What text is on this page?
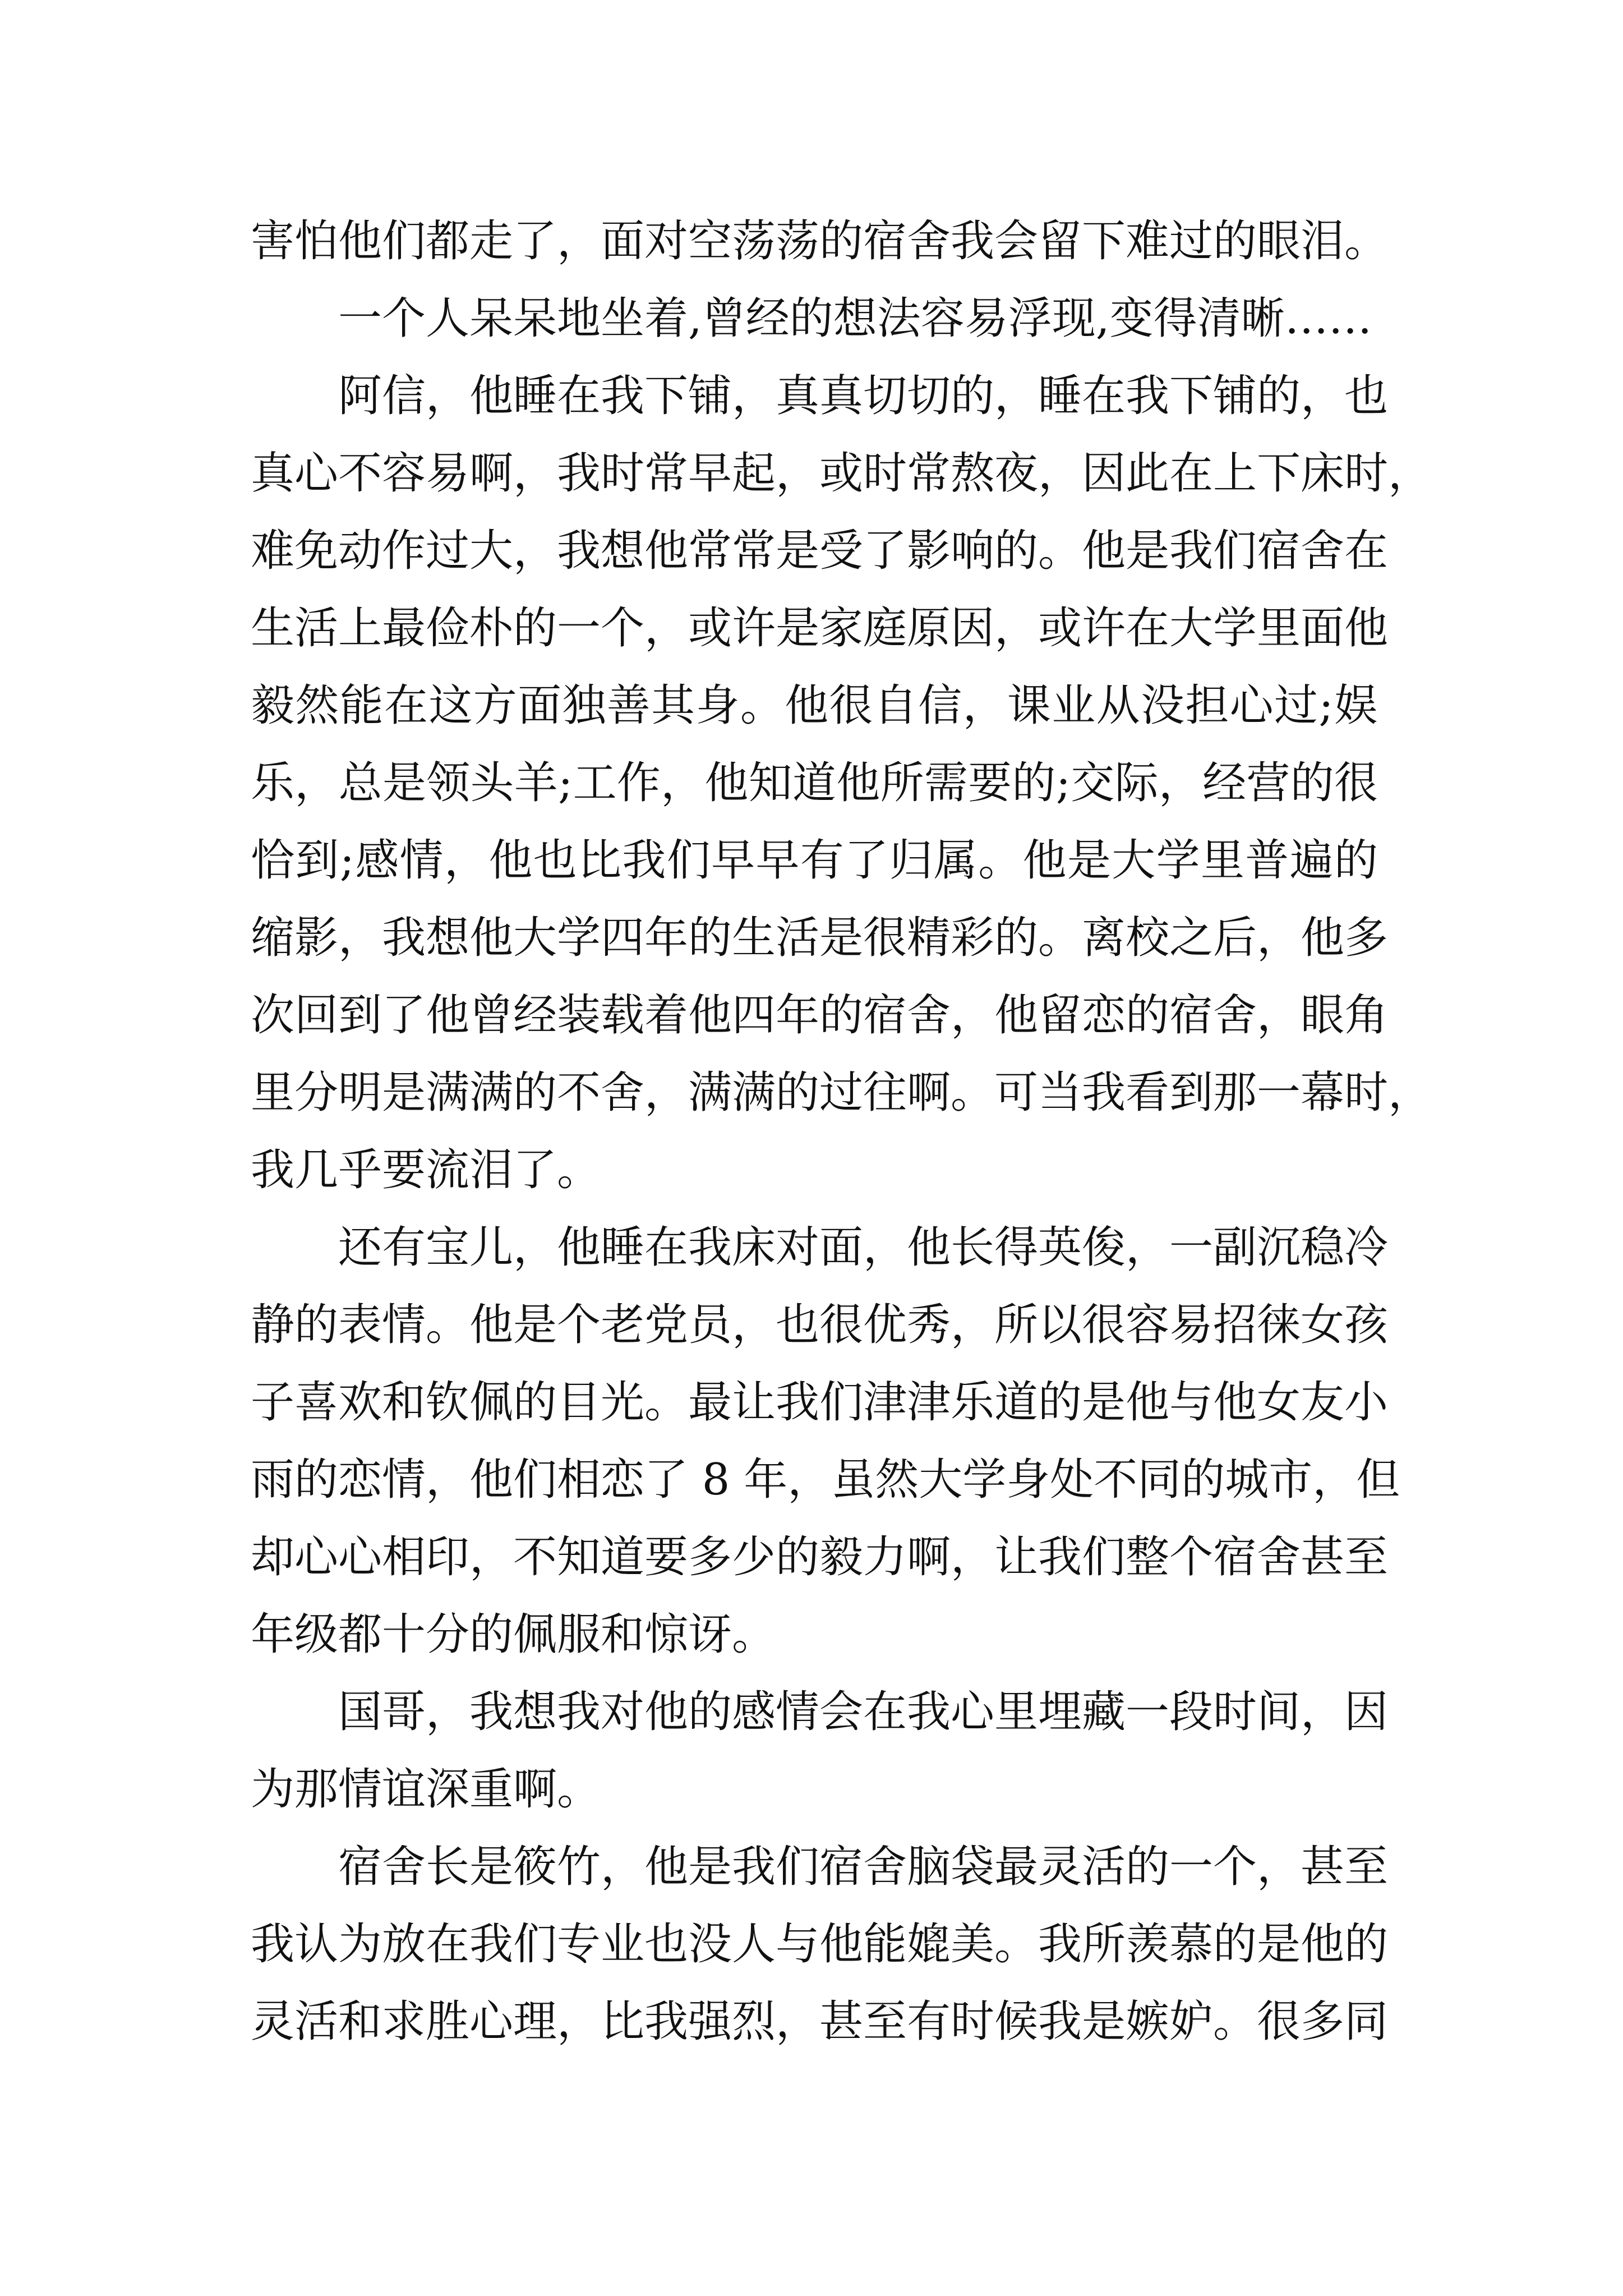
害怕他们都走了，面对空荡荡的宿舍我会留下难过的眼泪。

一个人呆呆地坐着,曾经的想法容易浮现,变得清晰……

阿信，他睡在我下铺，真真切切的，睡在我下铺的，也

真心不容易啊，我时常早起，或时常熬夜，因此在上下床时，

难免动作过大，我想他常常是受了影响的。他是我们宿舍在

生活上最俭朴的一个，或许是家庭原因，或许在大学里面他

毅然能在这方面独善其身。他很自信，课业从没担心过;娱

乐，总是领头羊;工作，他知道他所需要的;交际，经营的很

恰到;感情，他也比我们早早有了归属。他是大学里普遍的

缩影，我想他大学四年的生活是很精彩的。离校之后，他多

次回到了他曾经装载着他四年的宿舍，他留恋的宿舍，眼角

里分明是满满的不舍，满满的过往啊。可当我看到那一幕时，

我几乎要流泪了。

还有宝儿，他睡在我床对面，他长得英俊，一副沉稳冷

静的表情。他是个老党员，也很优秀，所以很容易招徕女孩

子喜欢和钦佩的目光。最让我们津津乐道的是他与他女友小

雨的恋情，他们相恋了 8 年，虽然大学身处不同的城市，但

却心心相印，不知道要多少的毅力啊，让我们整个宿舍甚至

年级都十分的佩服和惊讶。

国哥，我想我对他的感情会在我心里埋藏一段时间，因

为那情谊深重啊。

宿舍长是筱竹，他是我们宿舍脑袋最灵活的一个，甚至

我认为放在我们专业也没人与他能媲美。我所羡慕的是他的

灵活和求胜心理，比我强烈，甚至有时候我是嫉妒。很多同
